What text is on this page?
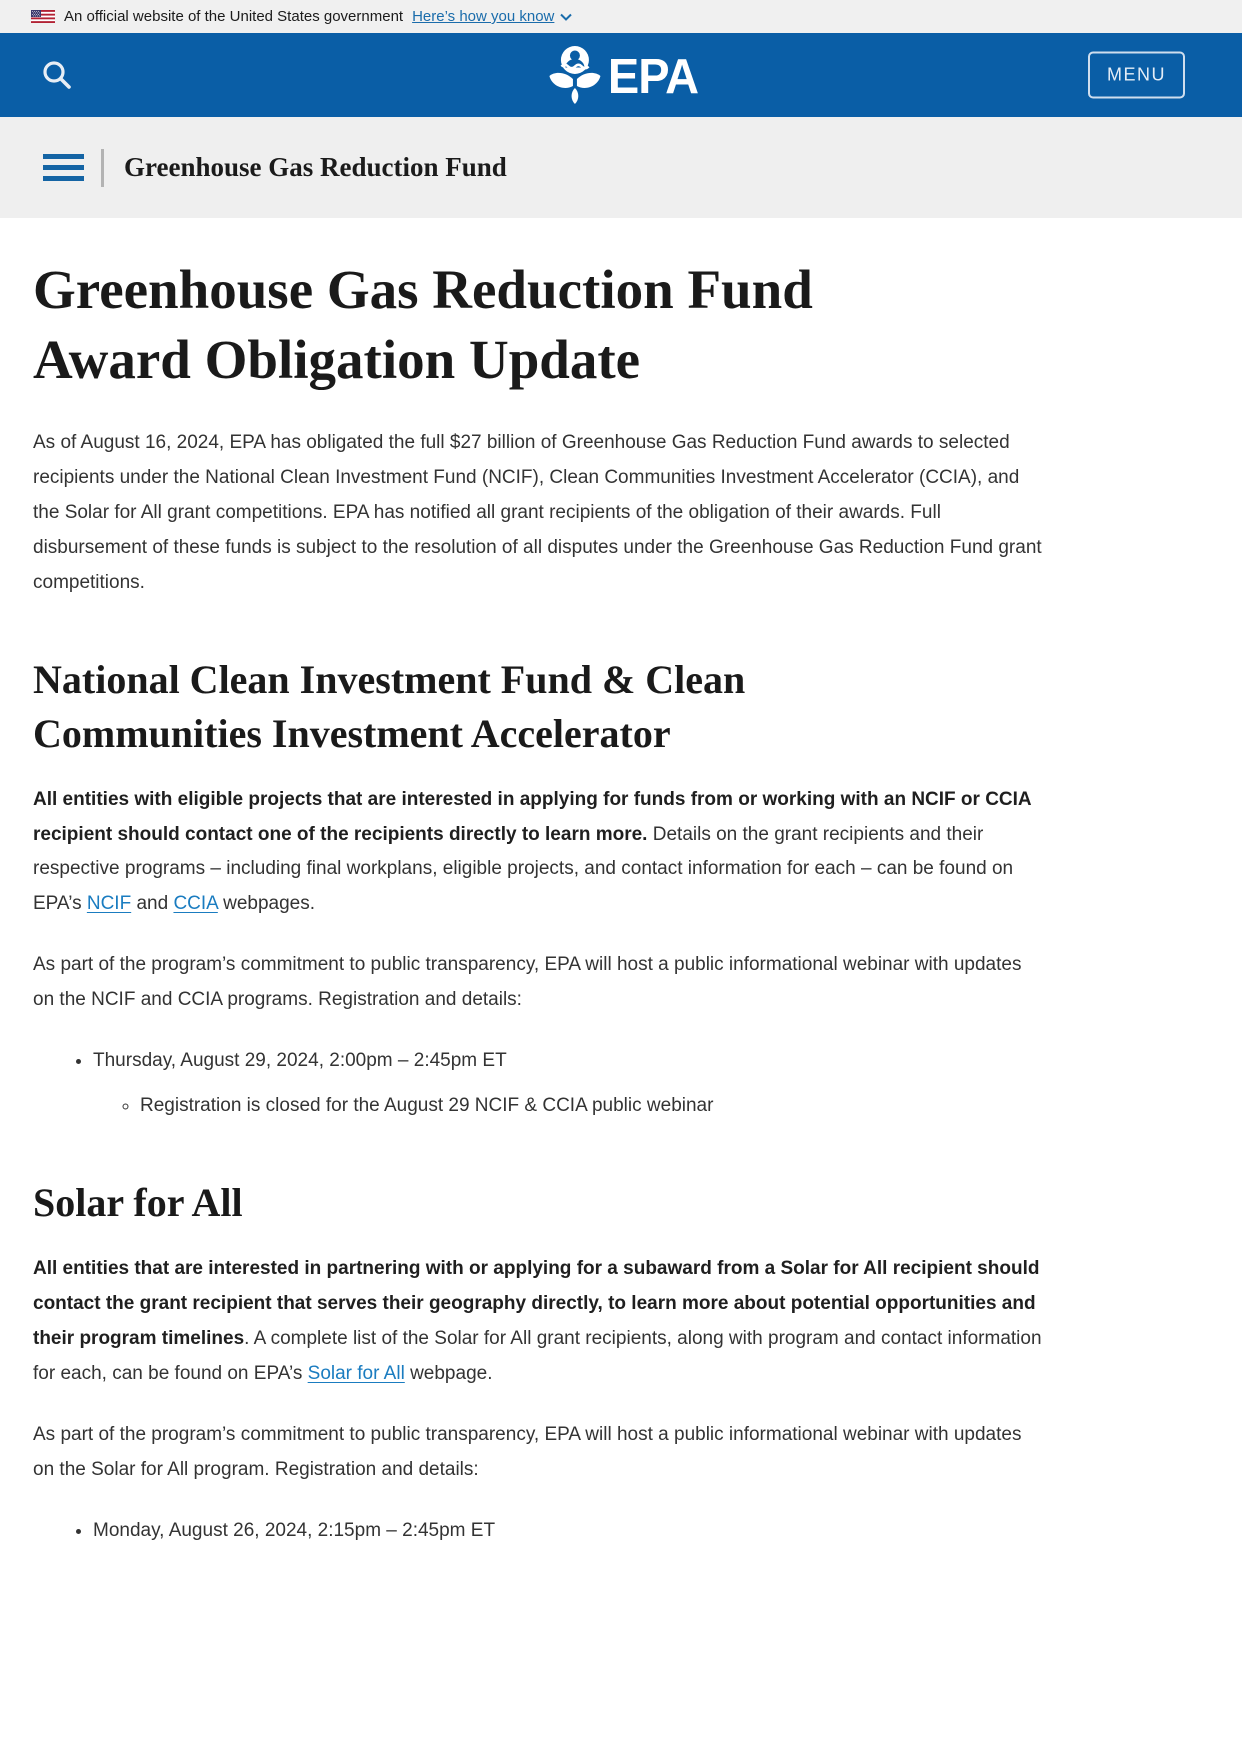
An official website of the United States government Here’s how you know
EPA	MENU
Greenhouse Gas Reduction Fund
Greenhouse Gas Reduction Fund Award Obligation Update

As of August 16, 2024, EPA has obligated the full $27 billion of Greenhouse Gas Reduction Fund awards to selected recipients under the National Clean Investment Fund (NCIF), Clean Communities Investment Accelerator (CCIA), and the Solar for All grant competitions. EPA has notified all grant recipients of the obligation of their awards. Full disbursement of these funds is subject to the resolution of all disputes under the Greenhouse Gas Reduction Fund grant competitions.

National Clean Investment Fund & Clean Communities Investment Accelerator

All entities with eligible projects that are interested in applying for funds from or working with an NCIF or CCIA recipient should contact one of the recipients directly to learn more. Details on the grant recipients and their respective programs – including final workplans, eligible projects, and contact information for each – can be found on EPA’s NCIF and CCIA webpages.

As part of the program’s commitment to public transparency, EPA will host a public informational webinar with updates on the NCIF and CCIA programs. Registration and details:

• Thursday, August 29, 2024, 2:00pm – 2:45pm ET
◦ Registration is closed for the August 29 NCIF & CCIA public webinar
Solar for All

All entities that are interested in partnering with or applying for a subaward from a Solar for All recipient should contact the grant recipient that serves their geography directly, to learn more about potential opportunities and their program timelines. A complete list of the Solar for All grant recipients, along with program and contact information for each, can be found on EPA’s Solar for All webpage.

As part of the program’s commitment to public transparency, EPA will host a public informational webinar with updates on the Solar for All program. Registration and details:

• Monday, August 26, 2024, 2:15pm – 2:45pm ET
